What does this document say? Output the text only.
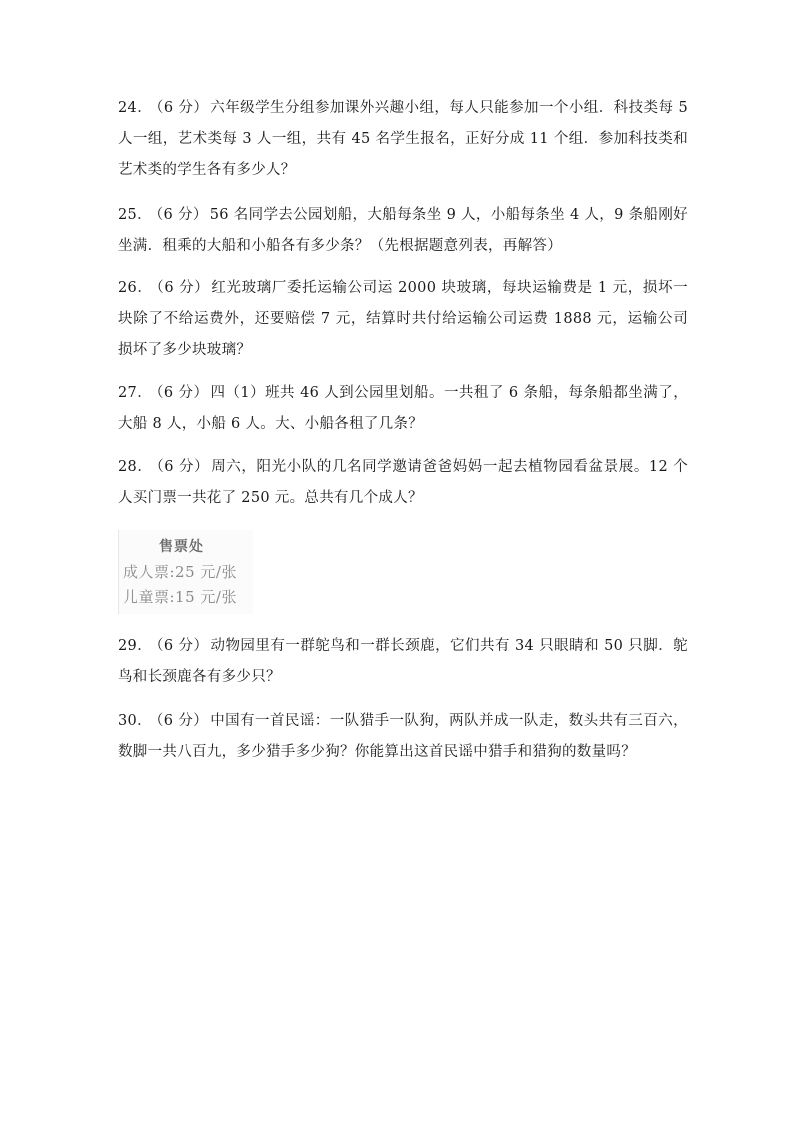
24． （6 分） 六年级学生分组参加课外兴趣小组，每人只能参加一个小组．科技类每 5 人一组，艺术类每 3 人一组，共有 45 名学生报名，正好分成 11 个组．参加科技类和艺术类的学生各有多少人？

25． （6 分） 56 名同学去公园划船，大船每条坐 9 人，小船每条坐 4 人，9 条船刚好坐满．租乘的大船和小船各有多少条？（先根据题意列表，再解答）

26． （6 分） 红光玻璃厂委托运输公司运 2000 块玻璃，每块运输费是 1 元，损坏一块除了不给运费外，还要赔偿 7 元，结算时共付给运输公司运费 1888 元，运输公司损坏了多少块玻璃？

27． （6 分） 四（1）班共 46 人到公园里划船。一共租了 6 条船，每条船都坐满了，大船 8 人，小船 6 人。大、小船各租了几条？

28． （6 分） 周六，阳光小队的几名同学邀请爸爸妈妈一起去植物园看盆景展。12 个人买门票一共花了 250 元。总共有几个成人？

售票处
成人票:25 元/张
儿童票:15 元/张

29． （6 分） 动物园里有一群鸵鸟和一群长颈鹿，它们共有 34 只眼睛和 50 只脚．鸵鸟和长颈鹿各有多少只？

30． （6 分） 中国有一首民谣：一队猎手一队狗，两队并成一队走，数头共有三百六，数脚一共八百九，多少猎手多少狗？你能算出这首民谣中猎手和猎狗的数量吗？
